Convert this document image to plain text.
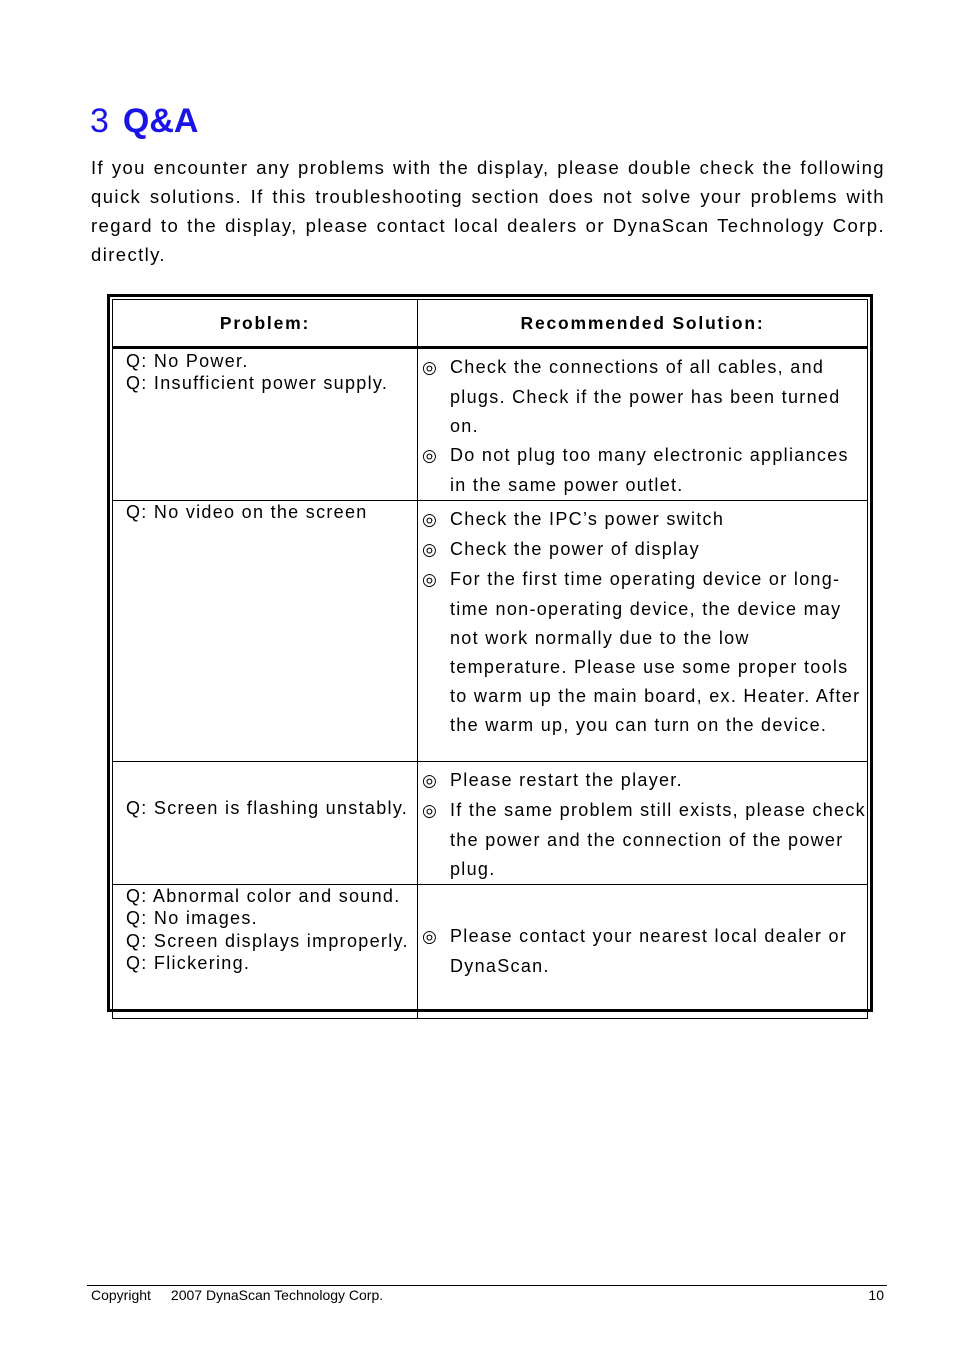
3 Q&A

If you encounter any problems with the display, please double check the following quick solutions. If this troubleshooting section does not solve your problems with regard to the display, please contact local dealers or DynaScan Technology Corp. directly.

Problem:	Recommended Solution:

Q: No Power.
Q: Insufficient power supply.	◎ Check the connections of all cables, and plugs. Check if the power has been turned on.
◎ Do not plug too many electronic appliances in the same power outlet.

Q: No video on the screen	◎ Check the IPC’s power switch
◎ Check the power of display
◎ For the first time operating device or long-time non-operating device, the device may not work normally due to the low temperature. Please use some proper tools to warm up the main board, ex. Heater. After the warm up, you can turn on the device.

Q: Screen is flashing unstably.	◎ Please restart the player.
◎ If the same problem still exists, please check the power and the connection of the power plug.

Q: Abnormal color and sound.
Q: No images.
Q: Screen displays improperly.
Q: Flickering.	◎ Please contact your nearest local dealer or DynaScan.
Copyright 2007 DynaScan Technology Corp.	10
